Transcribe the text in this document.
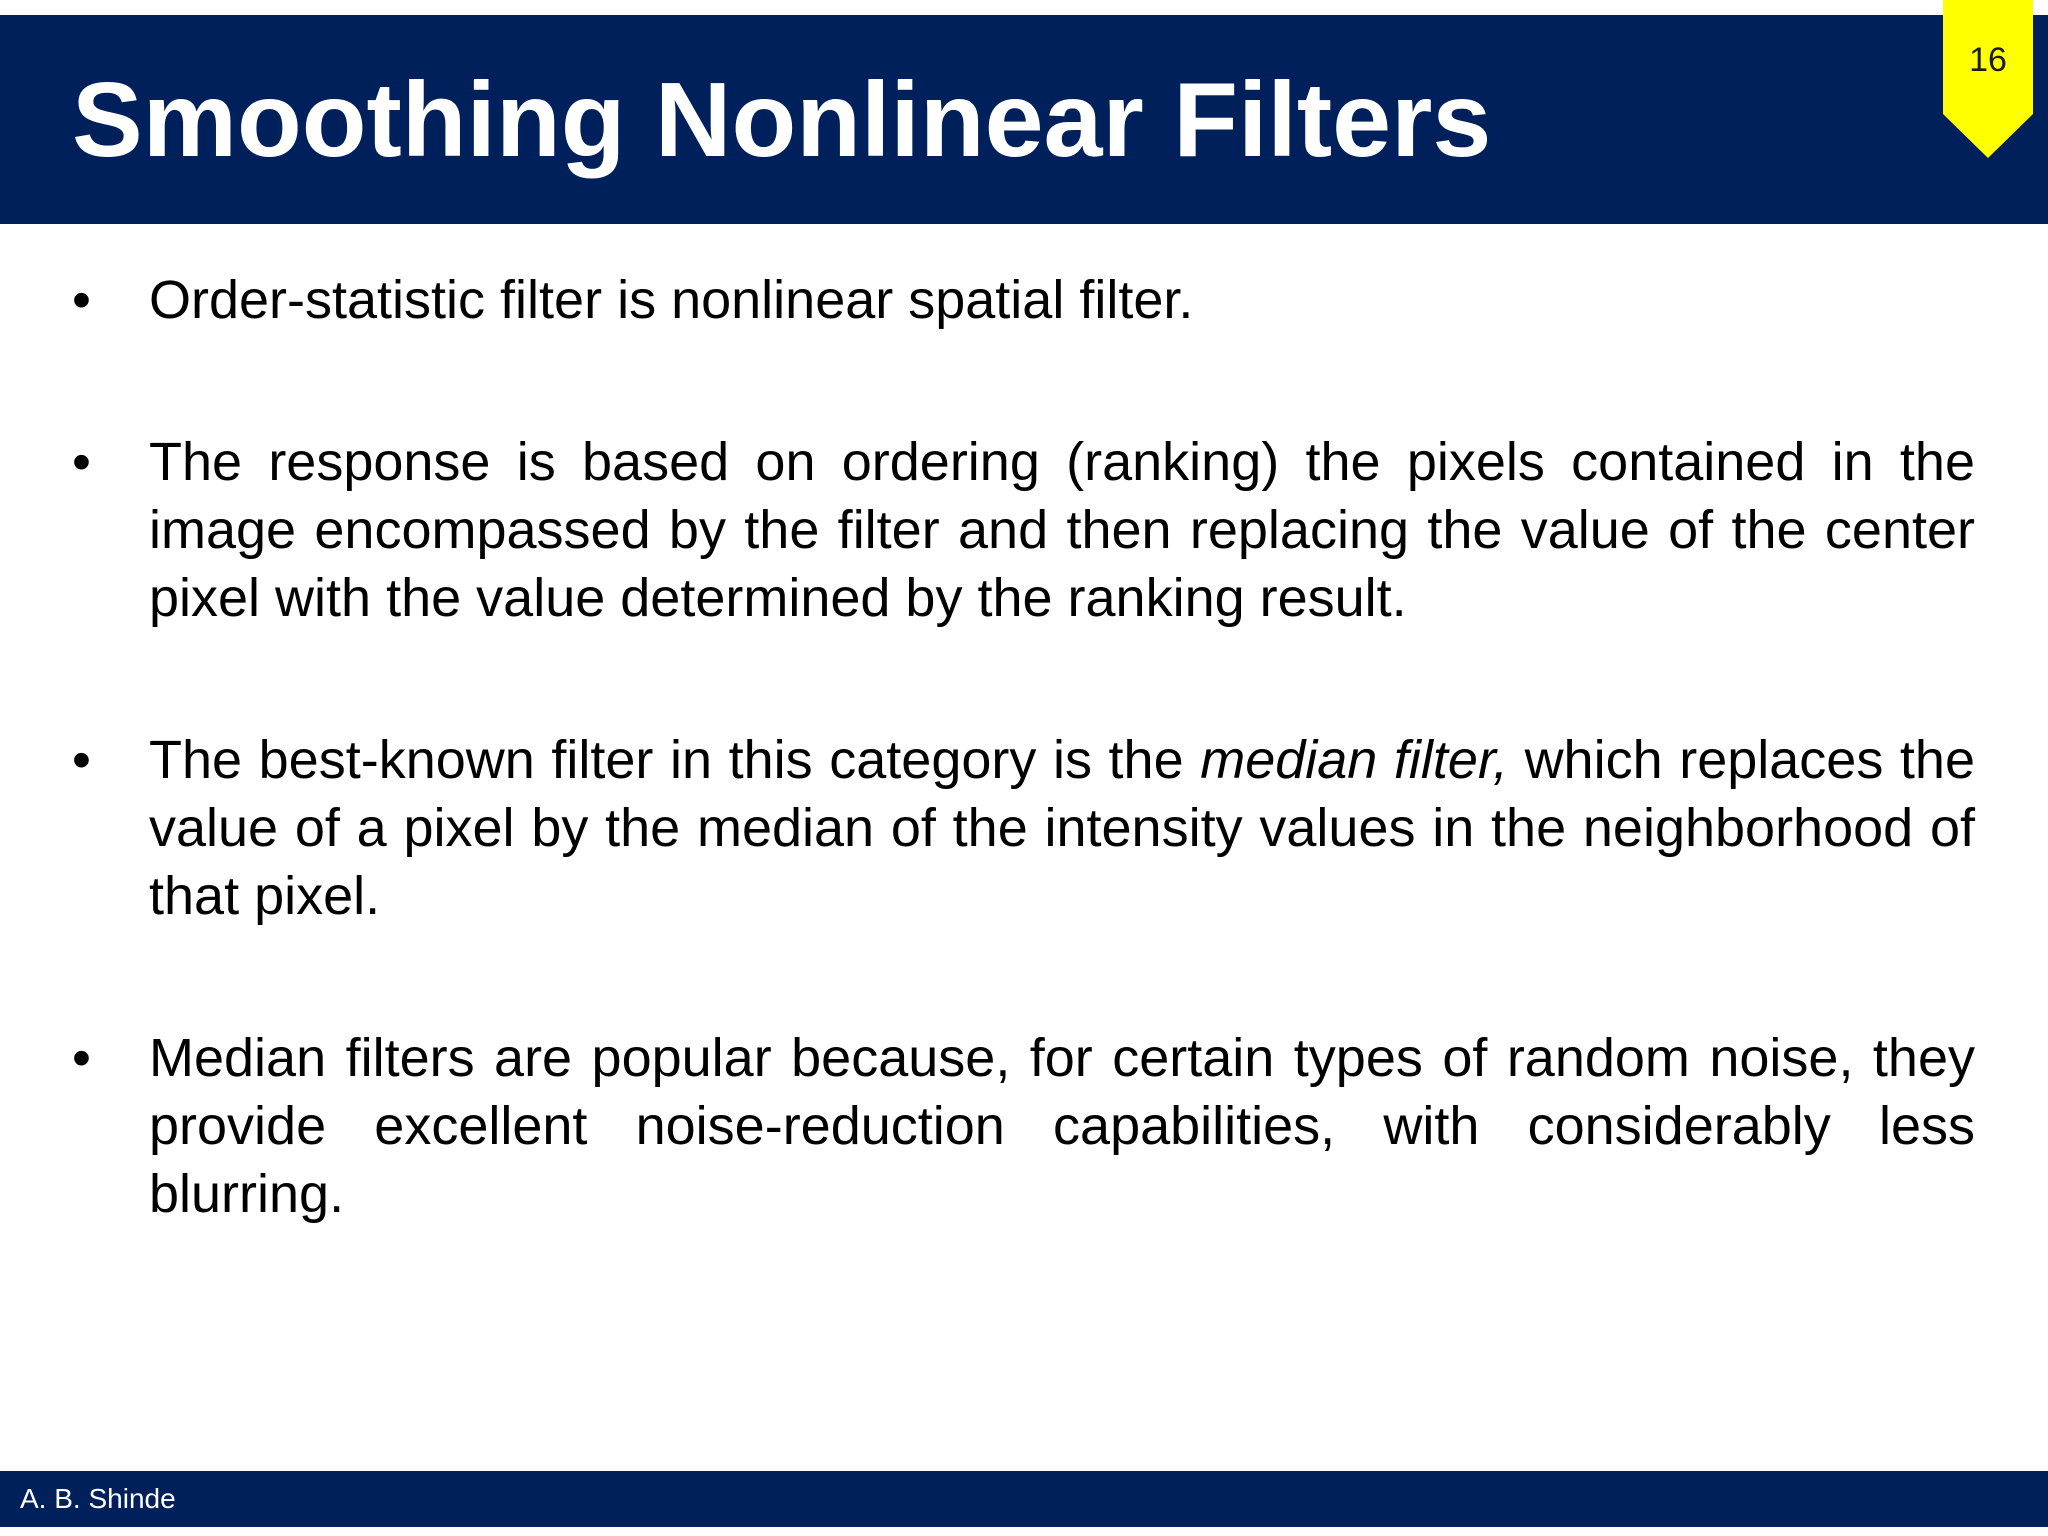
Smoothing Nonlinear Filters
16
• Order-statistic filter is nonlinear spatial filter.
• The response is based on ordering (ranking) the pixels contained in the image encompassed by the filter and then replacing the value of the center pixel with the value determined by the ranking result.
• The best-known filter in this category is the median filter, which replaces the value of a pixel by the median of the intensity values in the neighborhood of that pixel.
• Median filters are popular because, for certain types of random noise, they provide excellent noise-reduction capabilities, with considerably less blurring.
A. B. Shinde
